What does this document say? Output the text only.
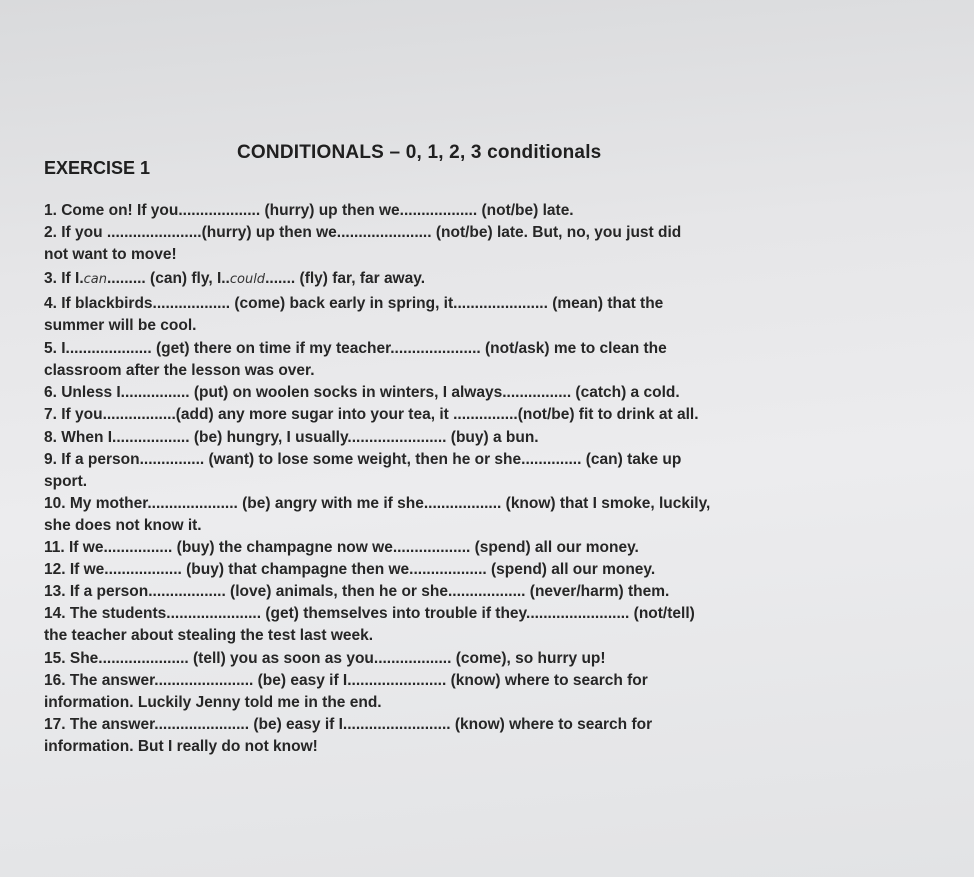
CONDITIONALS – 0, 1, 2, 3 conditionals
EXERCISE 1
1. Come on! If you................... (hurry) up then we.................. (not/be) late.
2. If you ......................(hurry) up then we...................... (not/be) late. But, no, you just did
not want to move!
3. If I.can......... (can) fly, I..could....... (fly) far, far away.
4. If blackbirds.................. (come) back early in spring, it...................... (mean) that the
summer will be cool.
5. I.................... (get) there on time if my teacher..................... (not/ask) me to clean the
classroom after the lesson was over.
6. Unless I................ (put) on woolen socks in winters, I always................ (catch) a cold.
7. If you.................(add) any more sugar into your tea, it ...............(not/be) fit to drink at all.
8. When I.................. (be) hungry, I usually....................... (buy) a bun.
9. If a person............... (want) to lose some weight, then he or she.............. (can) take up
sport.
10. My mother..................... (be) angry with me if she.................. (know) that I smoke, luckily,
she does not know it.
11. If we................ (buy) the champagne now we.................. (spend) all our money.
12. If we.................. (buy) that champagne then we.................. (spend) all our money.
13. If a person.................. (love) animals, then he or she.................. (never/harm) them.
14. The students...................... (get) themselves into trouble if they........................ (not/tell)
the teacher about stealing the test last week.
15. She..................... (tell) you as soon as you.................. (come), so hurry up!
16. The answer....................... (be) easy if I....................... (know) where to search for
information. Luckily Jenny told me in the end.
17. The answer...................... (be) easy if I......................... (know) where to search for
information. But I really do not know!
